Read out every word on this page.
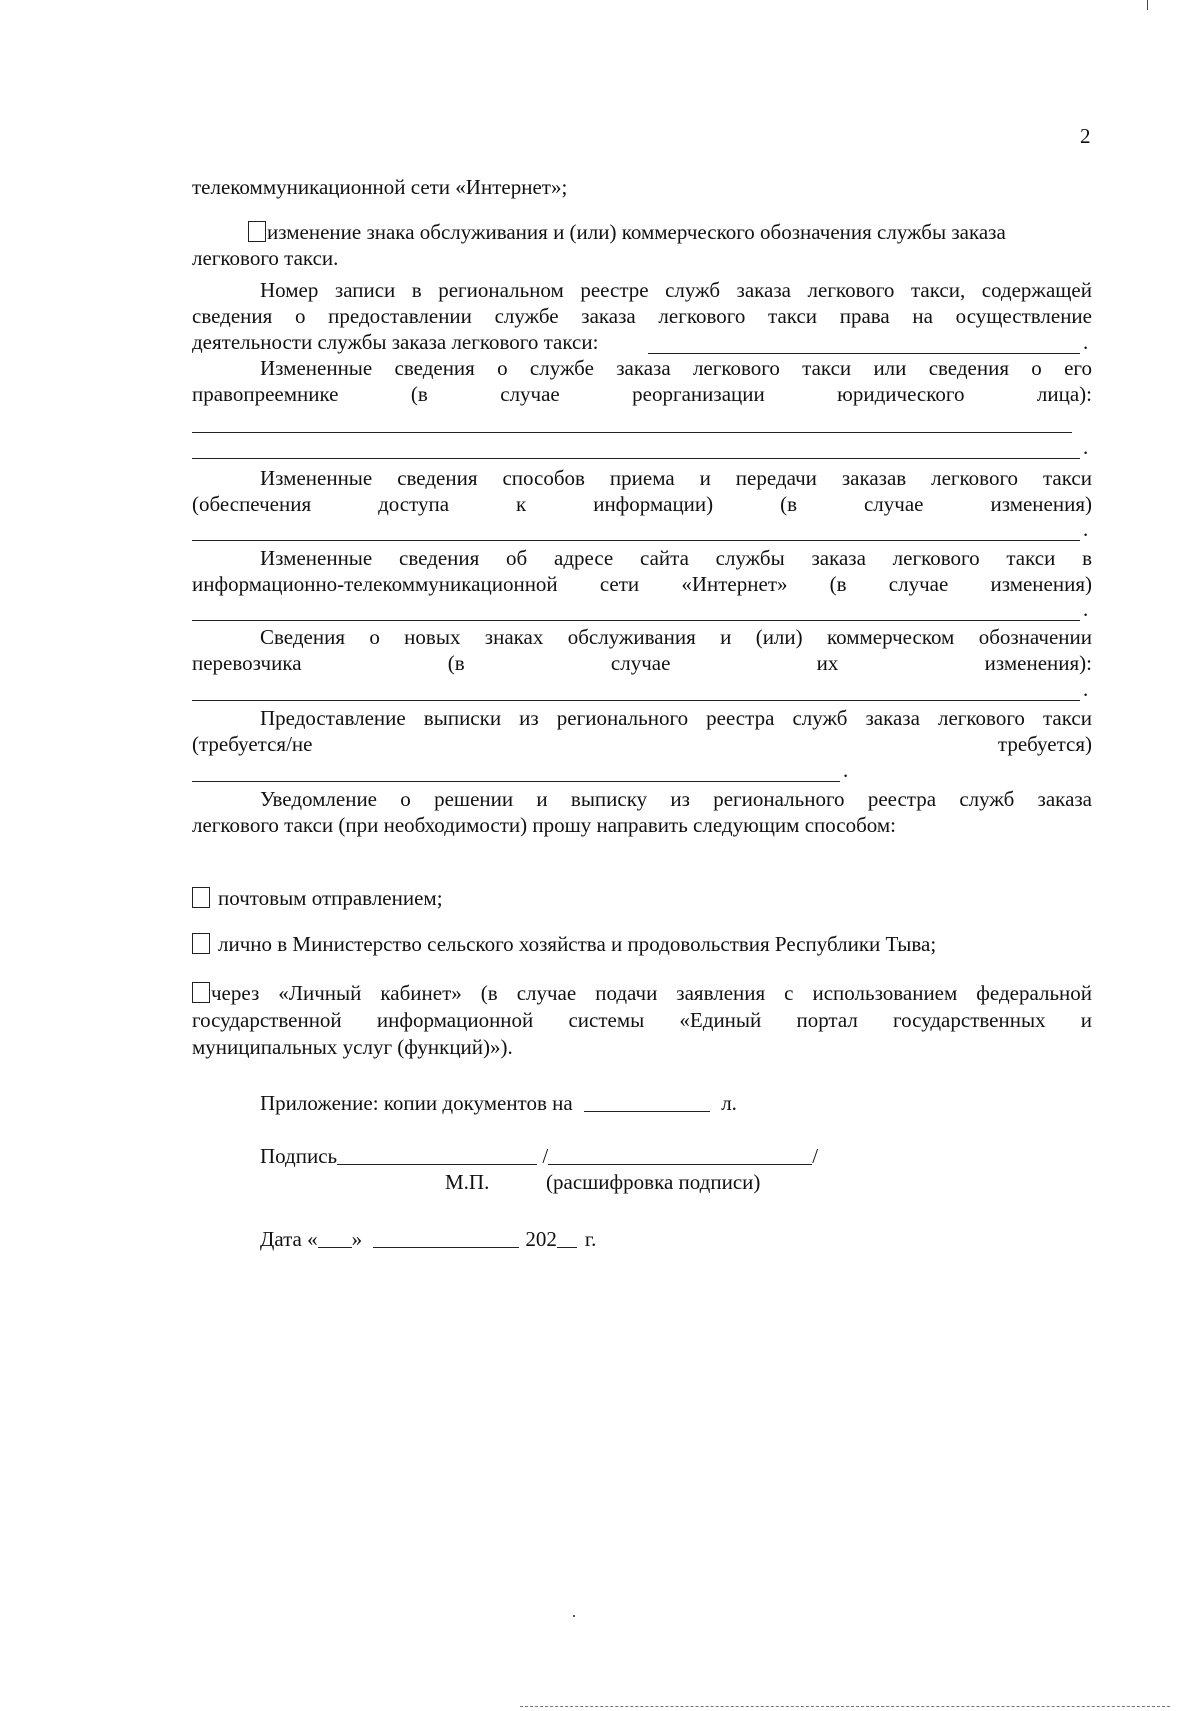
2
телекоммуникационной сети «Интернет»;
изменение знака обслуживания и (или) коммерческого обозначения службы заказа
легкового такси.
Номер записи в региональном реестре служб заказа легкового такси, содержащей
сведения о предоставлении службе заказа легкового такси права на осуществление
деятельности службы заказа легкового такси:	.
Измененные сведения о службе заказа легкового такси или сведения о его
правопреемнике (в случае реорганизации юридического лица):
.
Измененные сведения способов приема и передачи заказав легкового такси
(обеспечения доступа к информации) (в случае изменения)
.
Измененные сведения об адресе сайта службы заказа легкового такси в
информационно-телекоммуникационной сети «Интернет» (в случае изменения)
.
Сведения о новых знаках обслуживания и (или) коммерческом обозначении
перевозчика (в случае их изменения):
.
Предоставление выписки из регионального реестра служб заказа легкового такси
(требуется/не требуется)
.
Уведомление о решении и выписку из регионального реестра служб заказа
легкового такси (при необходимости) прошу направить следующим способом:
почтовым отправлением;
лично в Министерство сельского хозяйства и продовольствия Республики Тыва;
через «Личный кабинет» (в случае подачи заявления с использованием федеральной
государственной информационной системы «Единый портал государственных и
муниципальных услуг (функций)»).
Приложение: копии документов на	л.
Подпись	/	/
М.П.	(расшифровка подписи)
Дата « »	202 г.
